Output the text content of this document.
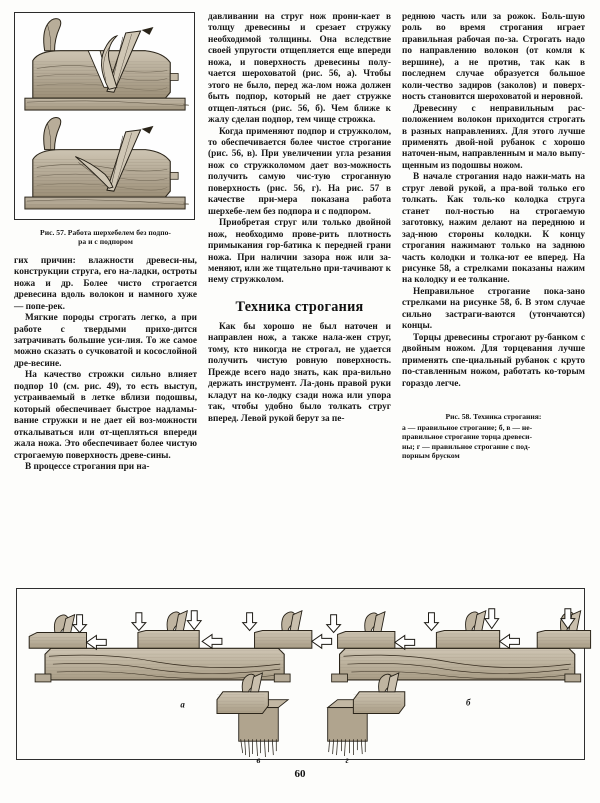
Рис. 57. Работа шерхебелем без подпо-
ра и с подпором

гих причин: влажности древеси-ны, конструкции струга, его на-ладки, остроты ножа и др. Более чисто строгается древесина вдоль волокон и намного хуже — попе-рек.

Мягкие породы строгать легко, а при работе с твердыми прихо-дится затрачивать большие уси-лия. То же самое можно сказать о сучковатой и косослойной дре-весине.

На качество строжки сильно влияет подпор 10 (см. рис. 49), то есть выступ, устраиваемый в летке вблизи подошвы, который обеспечивает быстрое надламы-вание стружки и не дает ей воз-можности откалываться или от-щепляться впереди жала ножа. Это обеспечивает более чистую строгаемую поверхность древе-сины.

В процессе строгания при на-

давливании на струг нож прони-кает в толщу древесины и срезает стружку необходимой толщины. Она вследствие своей упругости отщепляется еще впереди ножа, и поверхность древесины полу-чается шероховатой (рис. 56, а). Чтобы этого не было, перед жа-лом ножа должен быть подпор, который не дает стружке отщеп-ляться (рис. 56, б). Чем ближе к жалу сделан подпор, тем чище строжка.

Когда применяют подпор и стружколом, то обеспечивается более чистое строгание (рис. 56, в). При увеличении угла резания нож со стружколомом дает воз-можность получить самую чис-тую строганную поверхность (рис. 56, г). На рис. 57 в качестве при-мера показана работа шерхебе-лем без подпора и с подпором.

Приобретая струг или только двойной нож, необходимо прове-рить плотность примыкания гор-батика к передней грани ножа. При наличии зазора нож или за-меняют, или же тщательно при-тачивают к нему стружколом.

Техника строгания

Как бы хорошо не был наточен и направлен нож, а также нала-жен струг, тому, кто никогда не строгал, не удается получить чистую ровную поверхность. Прежде всего надо знать, как пра-вильно держать инструмент. Ла-донь правой руки кладут на ко-лодку сзади ножа или упора так, чтобы удобно было толкать струг вперед. Левой рукой берут за пе-

реднюю часть или за рожок. Боль-шую роль во время строгания играет правильная рабочая по-за. Строгать надо по направлению волокон (от комля к вершине), а не против, так как в последнем случае образуется большое коли-чество задиров (заколов) и поверх-ность становится шероховатой и неровной.

Древесину с неправильным рас-положением волокон приходится строгать в разных направлениях. Для этого лучше применять двой-ной рубанок с хорошо наточен-ным, направленным и мало выпу-щенным из подошвы ножом.

В начале строгания надо нажи-мать на струг левой рукой, а пра-вой только его толкать. Как толь-ко колодка струга станет пол-ностью на строгаемую заготовку, нажим делают на переднюю и зад-нюю стороны колодки. К концу строгания нажимают только на заднюю часть колодки и толка-ют ее вперед. На рисунке 58, а стрелками показаны нажим на колодку и ее толкание.

Неправильное строгание пока-зано стрелками на рисунке 58, б. В этом случае сильно застраги-ваются (утончаются) концы.

Торцы древесины строгают ру-банком с двойным ножом. Для торцевания лучше применять спе-циальный рубанок с круто по-ставленным ножом, работать ко-торым гораздо легче.

Рис. 58. Техника строгания:
а — правильное строгание; б, в — не-
правильное строгание торца древеси-
ны; г — правильное строгание с под-
порным бруском
а	б
в	г
60
